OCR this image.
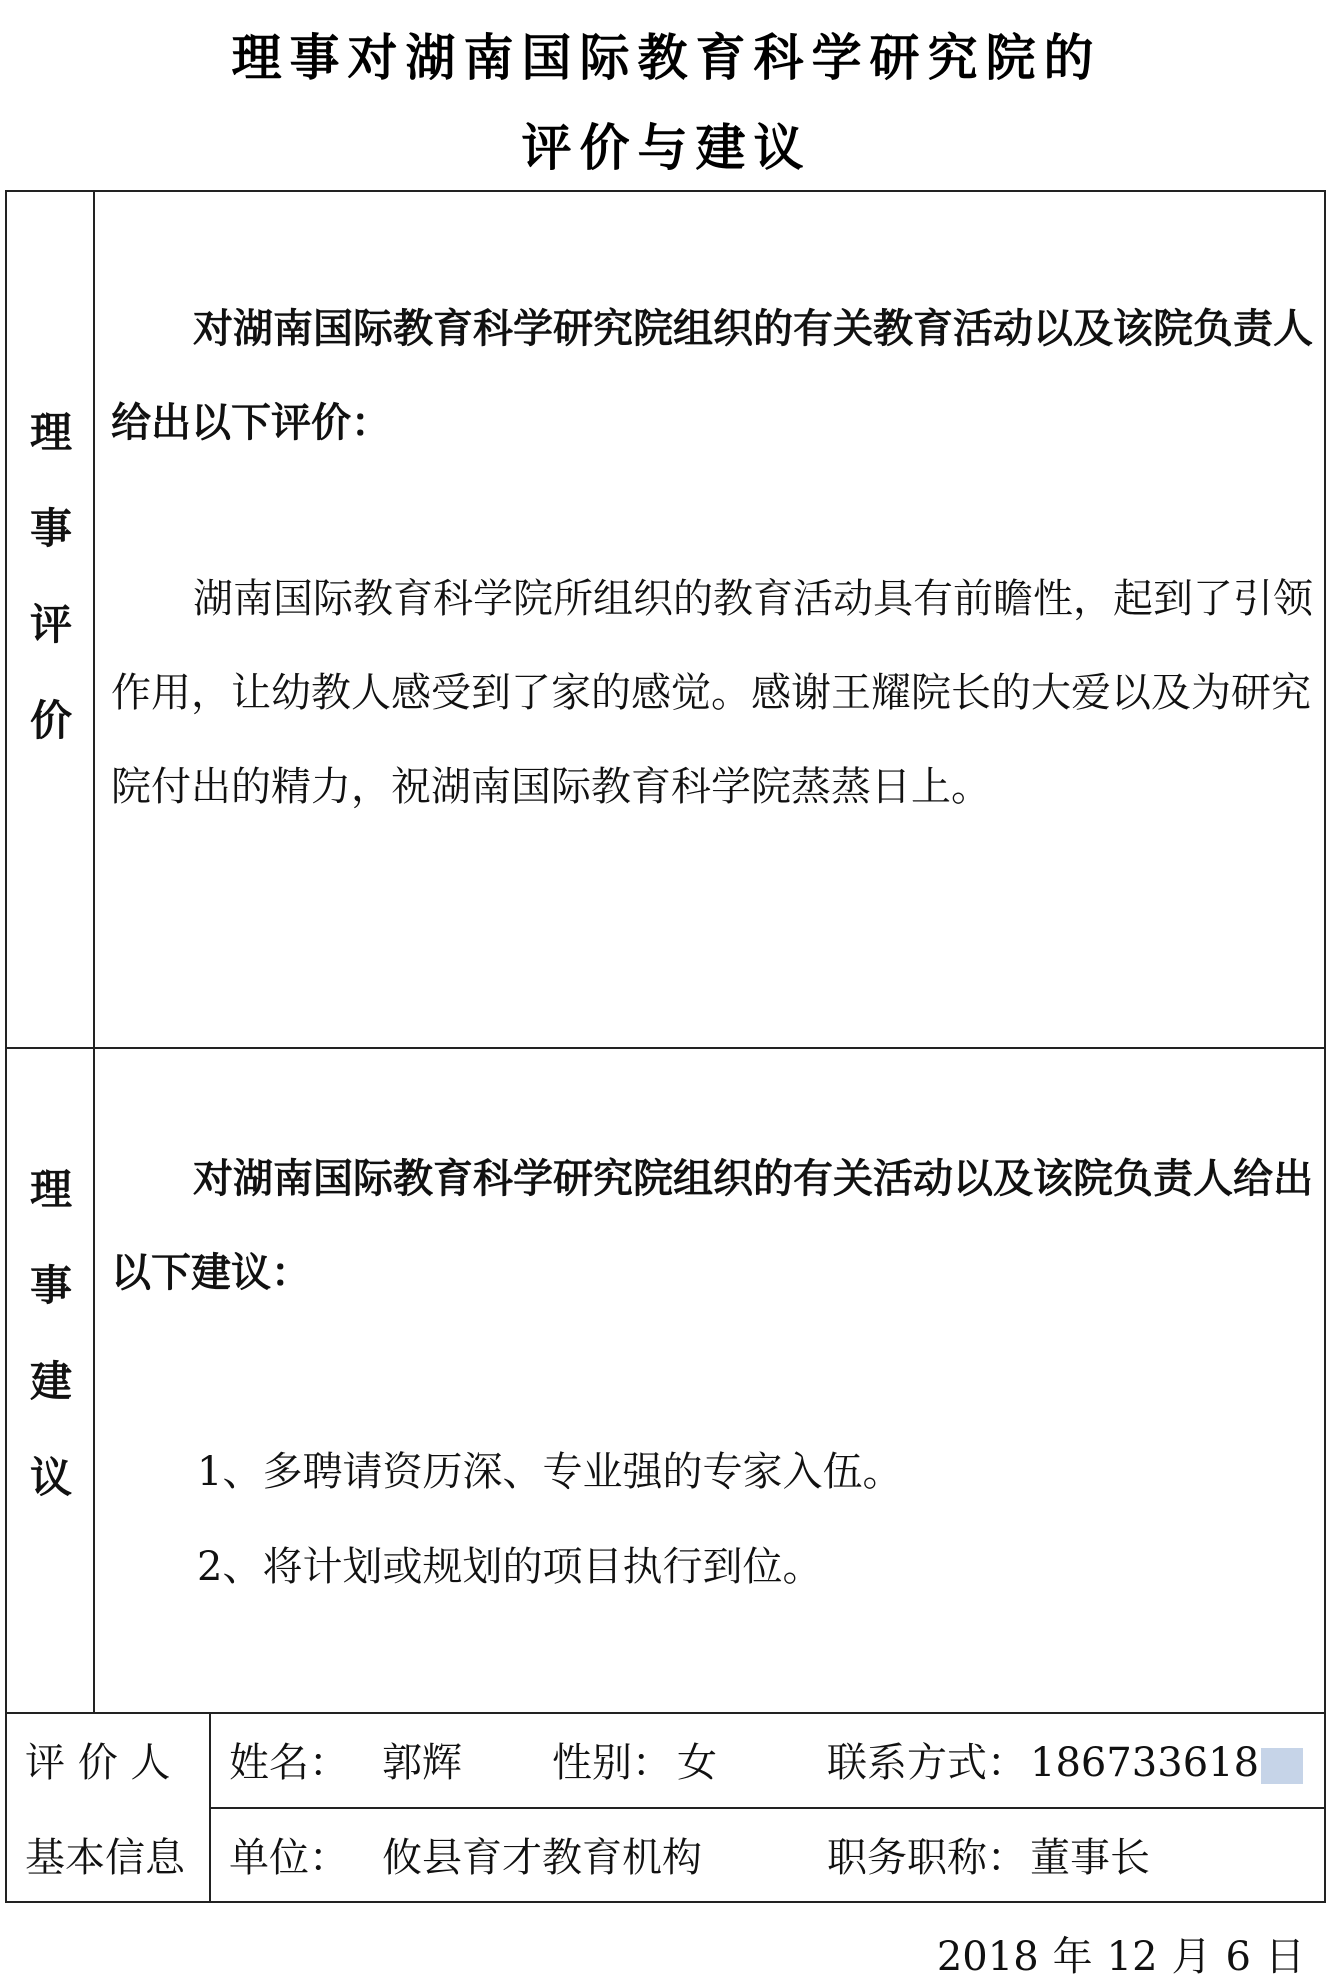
理事对湖南国际教育科学研究院的
评价与建议
理
事
评
价
对湖南国际教育科学研究院组织的有关教育活动以及该院负责人给出以下评价：
湖南国际教育科学院所组织的教育活动具有前瞻性，起到了引领作用，让幼教人感受到了家的感觉。感谢王耀院长的大爱以及为研究院付出的精力，祝湖南国际教育科学院蒸蒸日上。
理
事
建
议
对湖南国际教育科学研究院组织的有关活动以及该院负责人给出以下建议：
1、多聘请资历深、专业强的专家入伍。
2、将计划或规划的项目执行到位。
评 价 人
基本信息
姓名： 郭辉 性别： 女	联系方式： 186733618
单位： 攸县育才教育机构	职务职称： 董事长
2018 年 12 月 6 日
